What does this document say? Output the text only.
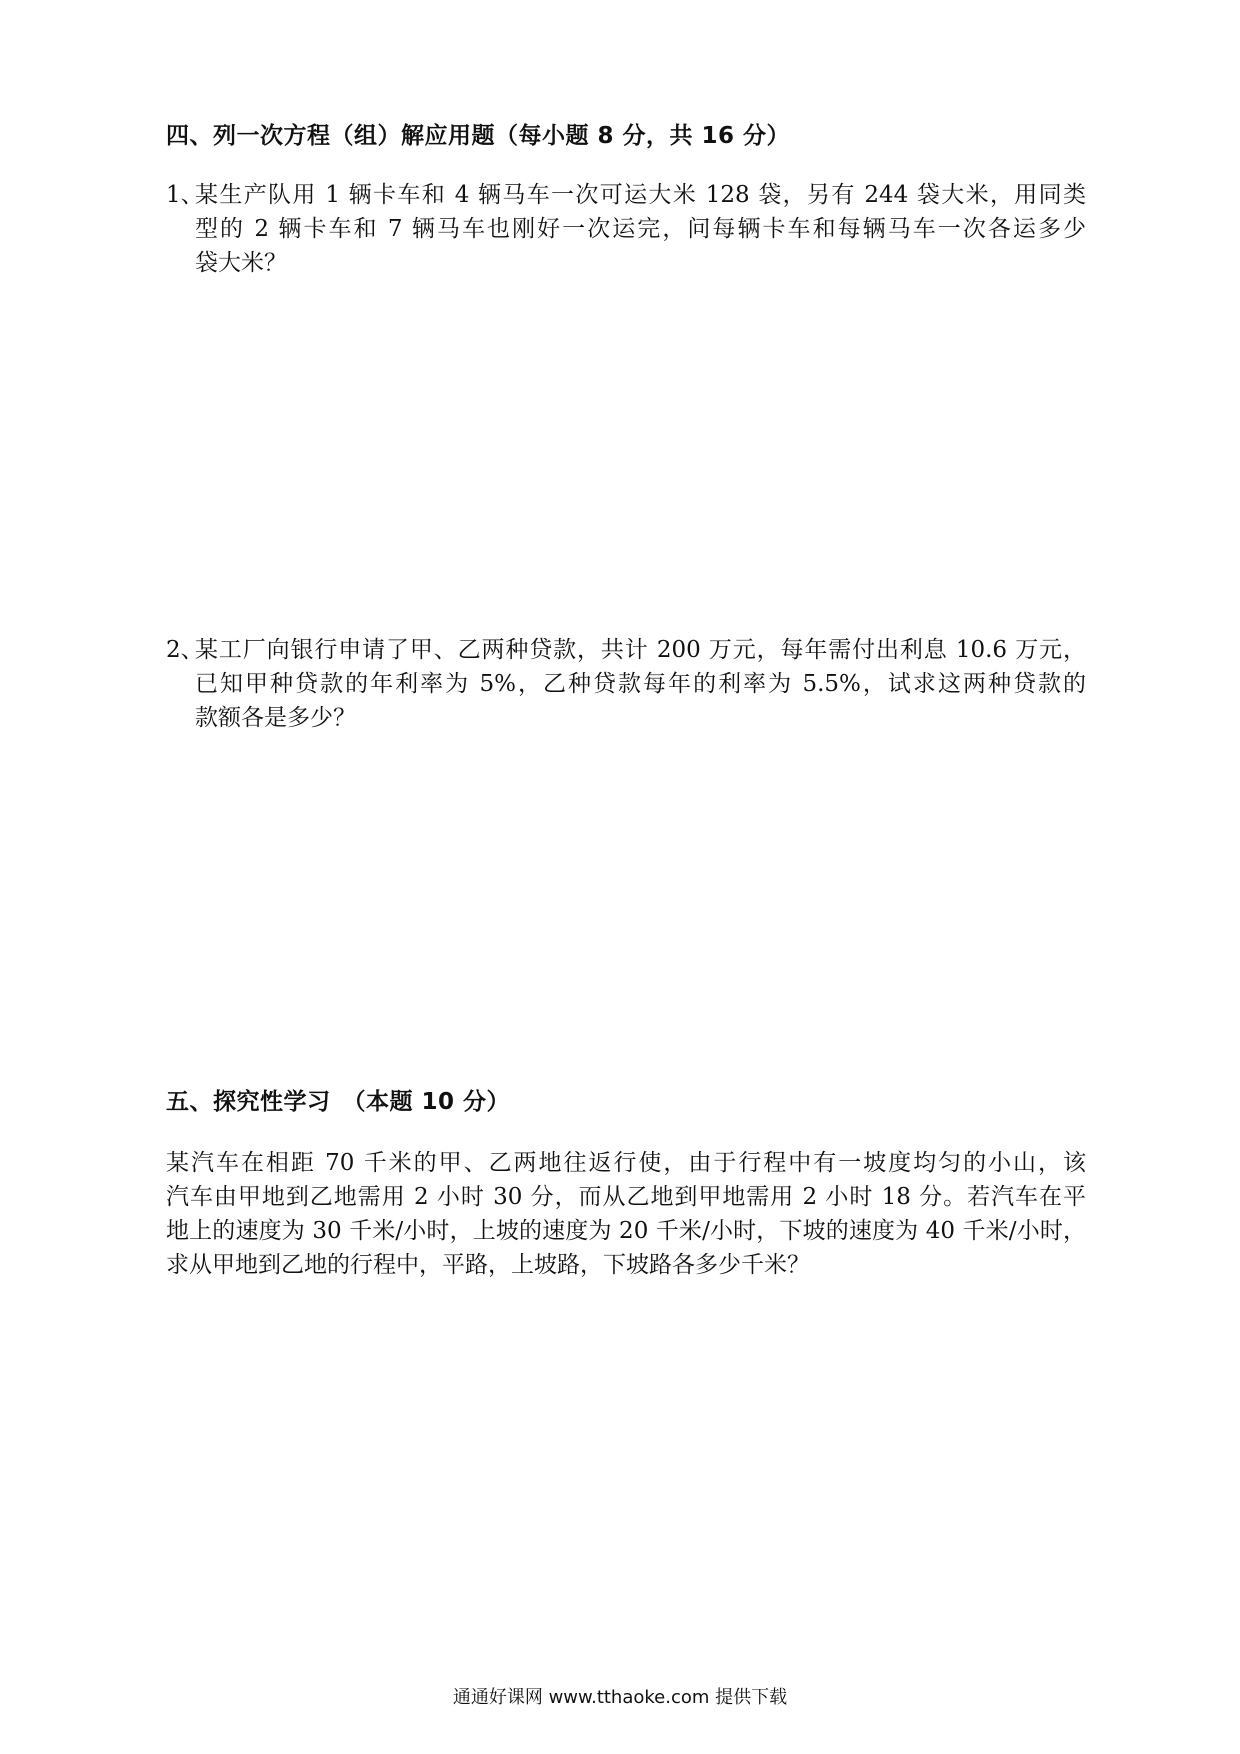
四、列一次方程（组）解应用题（每小题 8 分，共 16 分）
1、
某生产队用 1 辆卡车和 4 辆马车一次可运大米 128 袋，另有 244 袋大米，用同类
型的 2 辆卡车和 7 辆马车也刚好一次运完，问每辆卡车和每辆马车一次各运多少
袋大米？
2、
某工厂向银行申请了甲、乙两种贷款，共计 200 万元，每年需付出利息 10.6 万元，
已知甲种贷款的年利率为 5%，乙种贷款每年的利率为 5.5%，试求这两种贷款的
款额各是多少？
五、探究性学习　（本题 10 分）
某汽车在相距 70 千米的甲、乙两地往返行使，由于行程中有一坡度均匀的小山，该
汽车由甲地到乙地需用 2 小时 30 分，而从乙地到甲地需用 2 小时 18 分。若汽车在平
地上的速度为 30 千米/小时，上坡的速度为 20 千米/小时，下坡的速度为 40 千米/小时，
求从甲地到乙地的行程中，平路，上坡路，下坡路各多少千米？
通通好课网 www.tthaoke.com 提供下载
